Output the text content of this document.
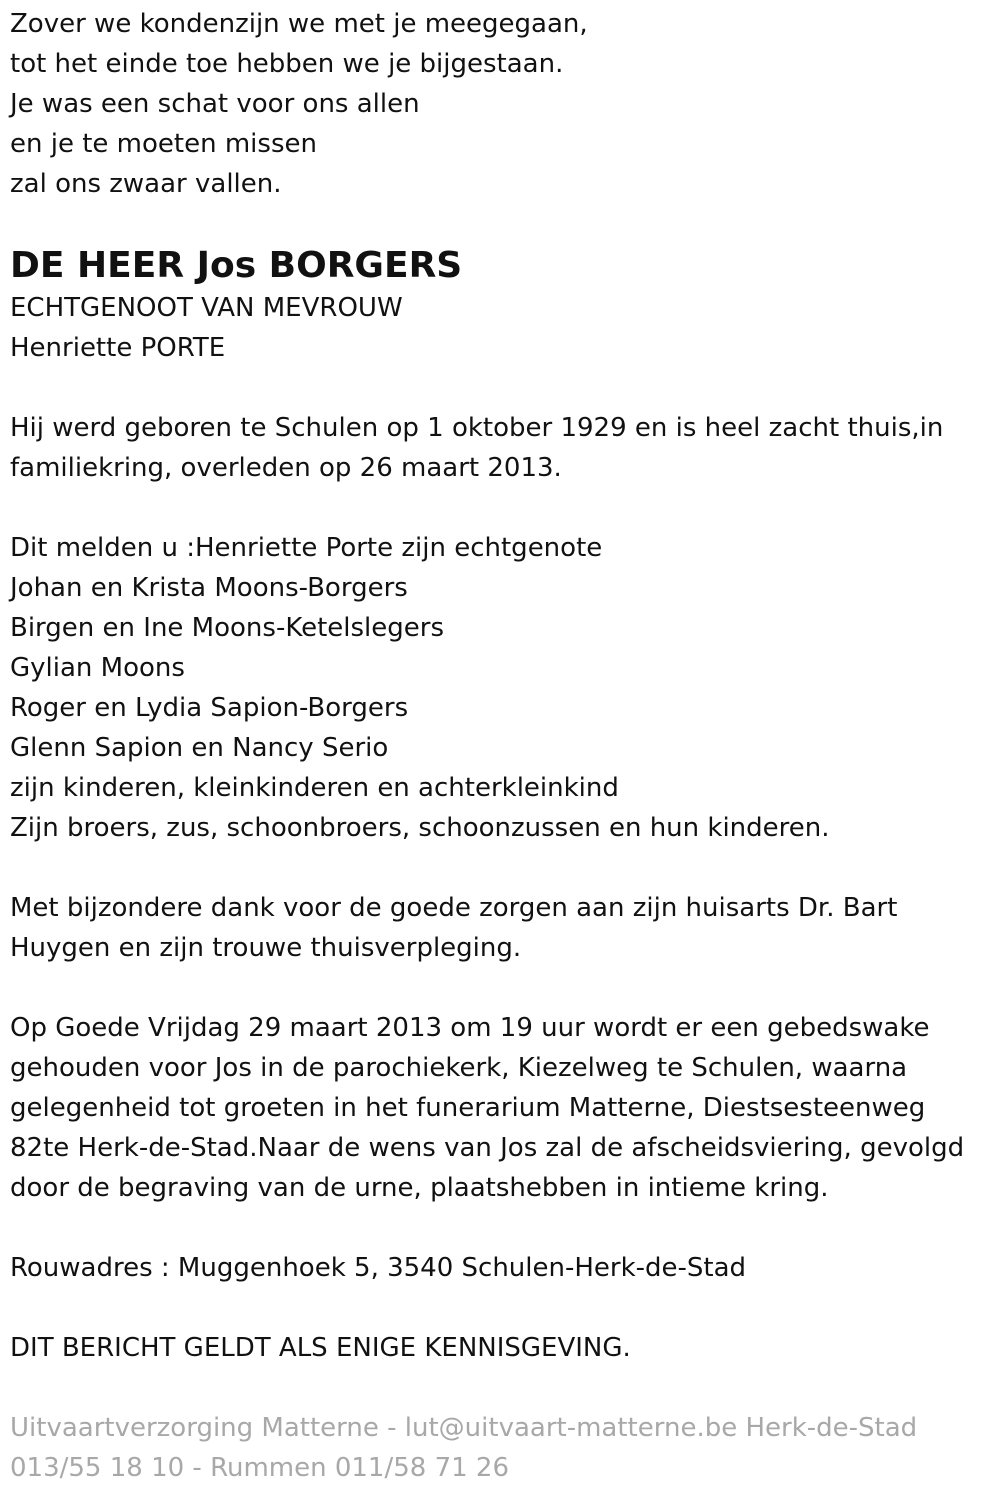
Zover we kondenzijn we met je meegegaan,
tot het einde toe hebben we je bijgestaan.
Je was een schat voor ons allen
en je te moeten missen
zal ons zwaar vallen.
DE HEER Jos BORGERS
ECHTGENOOT VAN MEVROUW
Henriette PORTE
Hij werd geboren te Schulen op 1 oktober 1929 en is heel zacht thuis,in
familiekring, overleden op 26 maart 2013.
Dit melden u :Henriette Porte zijn echtgenote
Johan en Krista Moons-Borgers
Birgen en Ine Moons-Ketelslegers
Gylian Moons
Roger en Lydia Sapion-Borgers
Glenn Sapion en Nancy Serio
zijn kinderen, kleinkinderen en achterkleinkind
Zijn broers, zus, schoonbroers, schoonzussen en hun kinderen.
Met bijzondere dank voor de goede zorgen aan zijn huisarts Dr. Bart
Huygen en zijn trouwe thuisverpleging.
Op Goede Vrijdag 29 maart 2013 om 19 uur wordt er een gebedswake
gehouden voor Jos in de parochiekerk, Kiezelweg te Schulen, waarna
gelegenheid tot groeten in het funerarium Matterne, Diestsesteenweg
82te Herk-de-Stad.Naar de wens van Jos zal de afscheidsviering, gevolgd
door de begraving van de urne, plaatshebben in intieme kring.
Rouwadres : Muggenhoek 5, 3540 Schulen-Herk-de-Stad
DIT BERICHT GELDT ALS ENIGE KENNISGEVING.
Uitvaartverzorging Matterne - lut@uitvaart-matterne.be Herk-de-Stad
013/55 18 10 - Rummen 011/58 71 26
